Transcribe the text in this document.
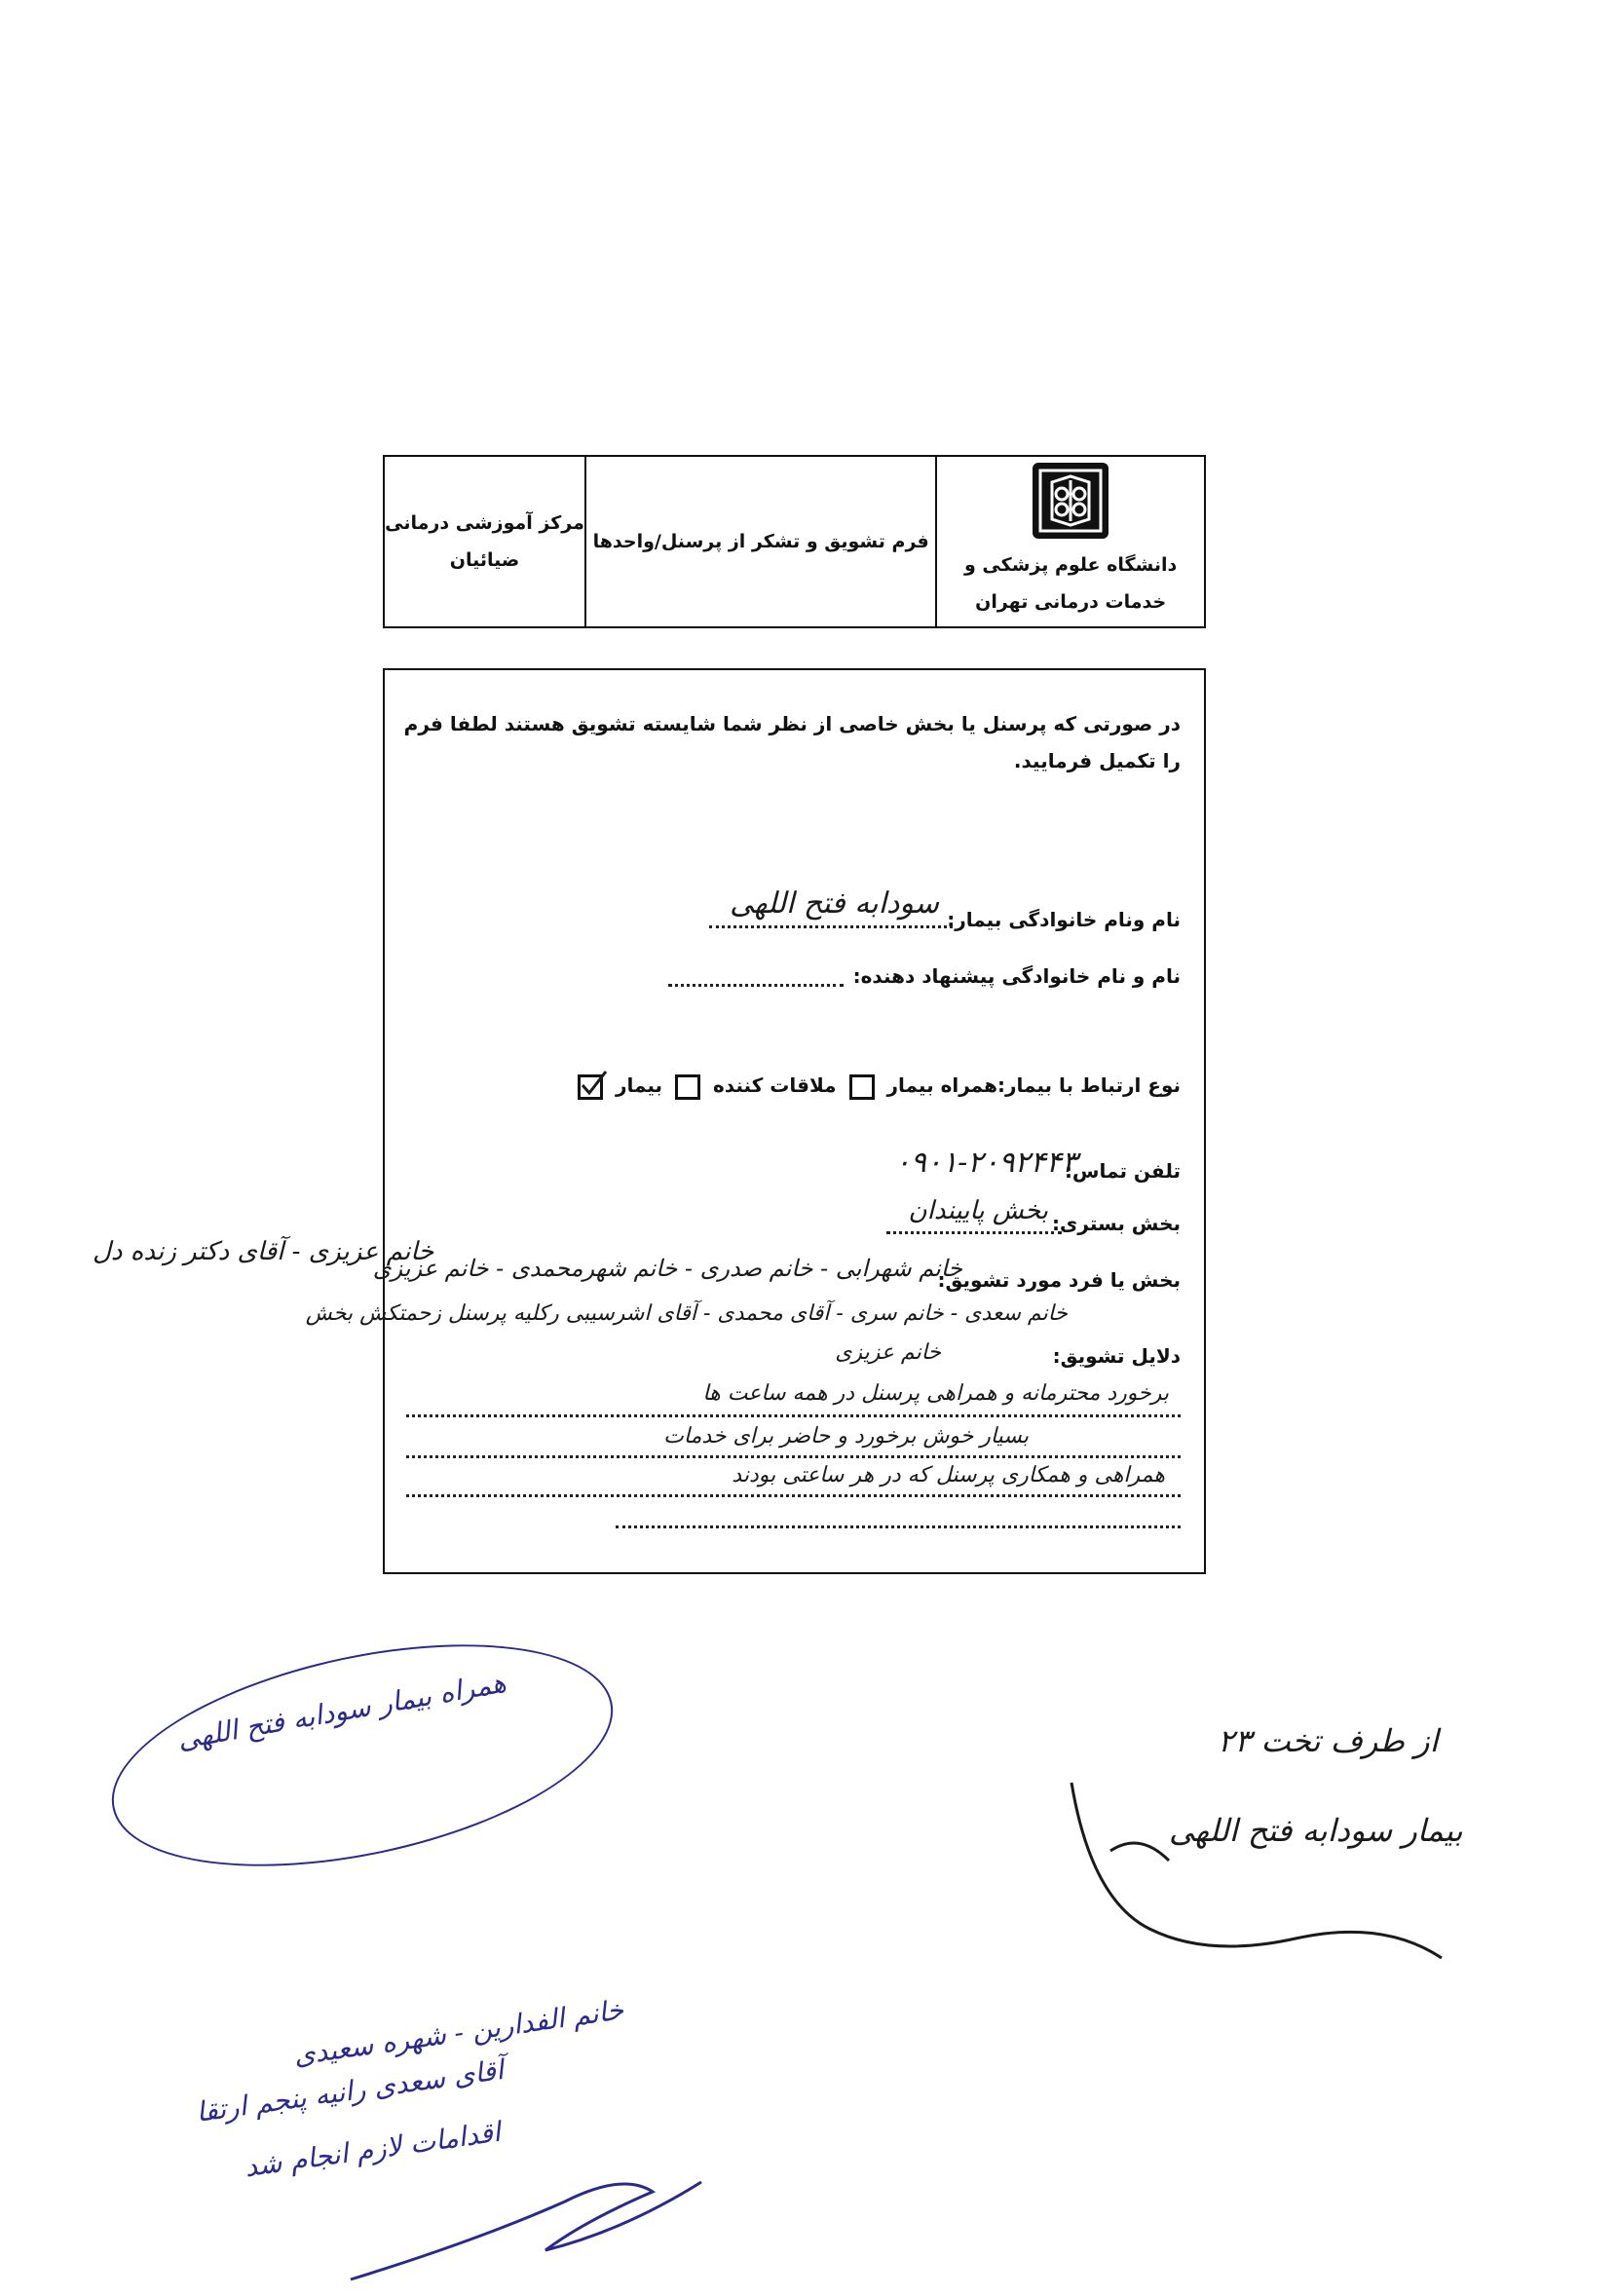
مرکز آموزشی درمانی
ضیائیان
فرم تشویق و تشکر از پرسنل/واحدها
دانشگاه علوم پزشکی و
خدمات درمانی تهران
در صورتی که پرسنل یا بخش خاصی از نظر شما شایسته تشویق هستند لطفا فرم را تکمیل فرمایید.
نام ونام خانوادگی بیمار:
سودابه فتح اللهی
نام و نام خانوادگی پیشنهاد دهنده:
نوع ارتباط با بیمار:همراه بیمار  ملاقات کننده  بیمار
تلفن تماس:
۰۹۰۱-۲۰۹۲۴۴۳
بخش بستری:
بخش پاییندان
بخش یا فرد مورد تشویق:
خانم شهرابی - خانم صدری - خانم شهرمحمدی - خانم عزیزی
خانم سعدی - خانم سری - آقای محمدی - آقای اشرسیبی رکلیه پرسنل زحمتکش بخش
خانم عزیزی	دلایل تشویق:
برخورد محترمانه و همراهی پرسنل در همه ساعت ها
بسیار خوش برخورد و حاضر برای خدمات
همراهی و همکاری پرسنل که در هر ساعتی بودند
خانم عزیزی - آقای دکتر زنده دل
همراه بیمار سودابه فتح اللهی	از طرف تخت ۲۳
بیمار سودابه فتح اللهی
خانم الفدارین - شهره سعیدی
آقای سعدی رانیه پنجم ارتقا
اقدامات لازم انجام شد
